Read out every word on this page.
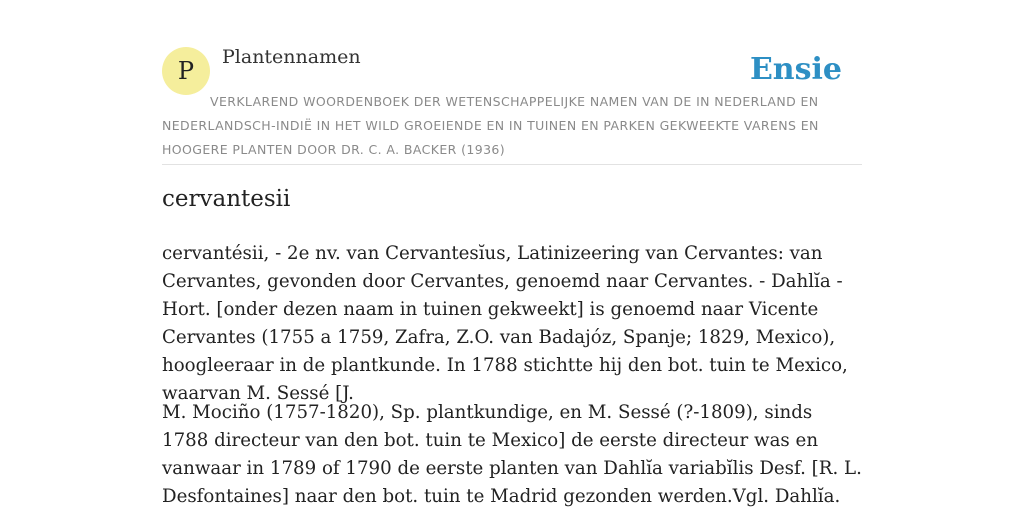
P Plantennamen	Ensie
VERKLAREND WOORDENBOEK DER WETENSCHAPPELIJKE NAMEN VAN DE IN NEDERLAND EN NEDERLANDSCH-INDIË IN HET WILD GROEIENDE EN IN TUINEN EN PARKEN GEKWEEKTE VARENS EN HOOGERE PLANTEN DOOR DR. C. A. BACKER (1936)
cervantesii

cervantésii, - 2e nv. van Cervantesĭus, Latinizeering van Cervantes: van Cervantes, gevonden door Cervantes, genoemd naar Cervantes. - Dahlĭa - Hort. [onder dezen naam in tuinen gekweekt] is genoemd naar Vicente Cervantes (1755 a 1759, Zafra, Z.O. van Badajóz, Spanje; 1829, Mexico), hoogleeraar in de plantkunde. In 1788 stichtte hij den bot. tuin te Mexico, waarvan M. Sessé [J.

M. Mociño (1757-1820), Sp. plantkundige, en M. Sessé (?-1809), sinds 1788 directeur van den bot. tuin te Mexico] de eerste directeur was en vanwaar in 1789 of 1790 de eerste planten van Dahlĭa variabĭlis Desf. [R. L. Desfontaines] naar den bot. tuin te Madrid gezonden werden.Vgl. Dahlĭa.
